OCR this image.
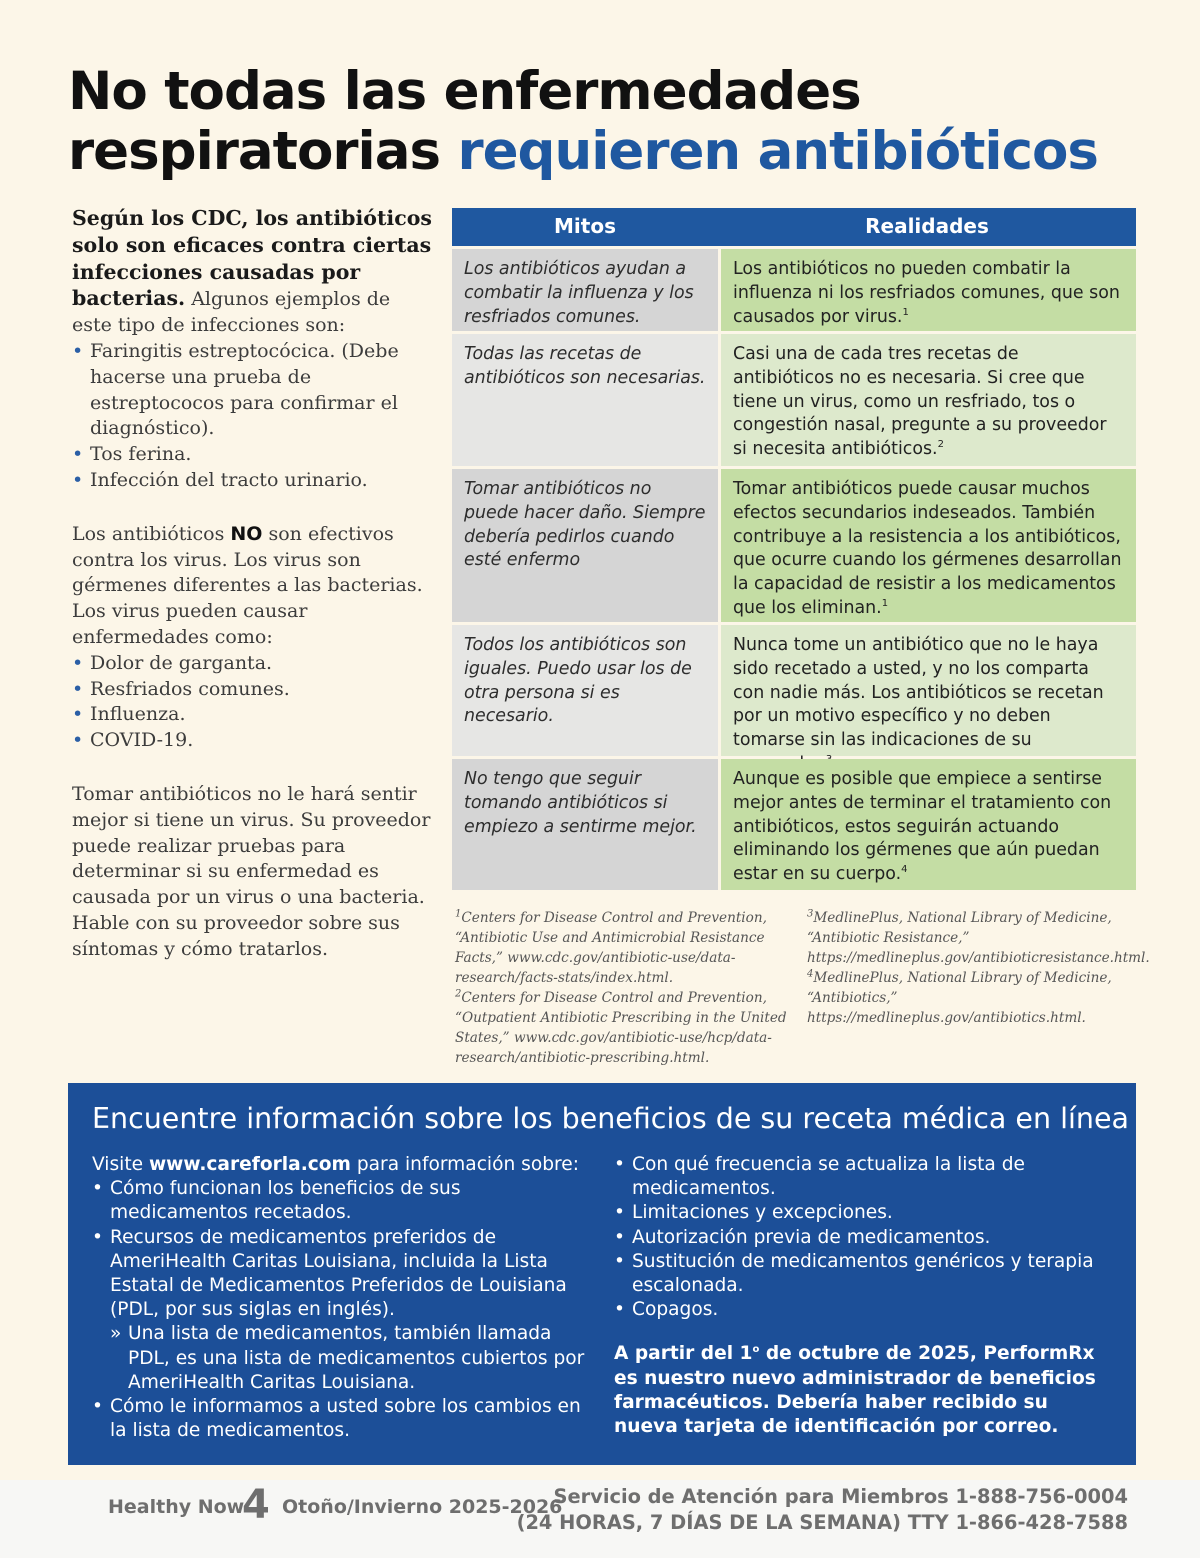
No todas las enfermedades
respiratorias requieren antibióticos

Según los CDC, los antibióticos solo son eficaces contra ciertas infecciones causadas por bacterias. Algunos ejemplos de este tipo de infecciones son:

• Faringitis estreptocócica. (Debe hacerse una prueba de estreptococos para confirmar el diagnóstico).
• Tos ferina.
• Infección del tracto urinario.

Los antibióticos NO son efectivos contra los virus. Los virus son gérmenes diferentes a las bacterias. Los virus pueden causar enfermedades como:

• Dolor de garganta.
• Resfriados comunes.
• Influenza.
• COVID-19.

Tomar antibióticos no le hará sentir mejor si tiene un virus. Su proveedor puede realizar pruebas para determinar si su enfermedad es causada por un virus o una bacteria. Hable con su proveedor sobre sus síntomas y cómo tratarlos.

Mitos	Realidades
Los antibióticos ayudan a combatir la influenza y los resfriados comunes.
Los antibióticos no pueden combatir la influenza ni los resfriados comunes, que son causados por virus.$^1$
Todas las recetas de antibióticos son necesarias.
Casi una de cada tres recetas de antibióticos no es necesaria. Si cree que tiene un virus, como un resfriado, tos o congestión nasal, pregunte a su proveedor si necesita antibióticos.$^2$
Tomar antibióticos no puede hacer daño. Siempre debería pedirlos cuando esté enfermo
Tomar antibióticos puede causar muchos efectos secundarios indeseados. También contribuye a la resistencia a los antibióticos, que ocurre cuando los gérmenes desarrollan la capacidad de resistir a los medicamentos que los eliminan.$^1$
Todos los antibióticos son iguales. Puedo usar los de otra persona si es necesario.
Nunca tome un antibiótico que no le haya sido recetado a usted, y no los comparta con nadie más. Los antibióticos se recetan por un motivo específico y no deben tomarse sin las indicaciones de su
No tengo que seguir tomando antibióticos si empiezo a sentirme mejor.
Aunque es posible que empiece a sentirse mejor antes de terminar el tratamiento con antibióticos, estos seguirán actuando eliminando los gérmenes que aún puedan estar en su cuerpo.$^4$

$^1$Centers for Disease Control and Prevention, “Antibiotic Use and Antimicrobial Resistance Facts,” www.cdc.gov/antibiotic-use/data-research/facts-stats/index.html.

$^2$Centers for Disease Control and Prevention, “Outpatient Antibiotic Prescribing in the United States,” www.cdc.gov/antibiotic-use/hcp/data-research/antibiotic-prescribing.html.

$^3$MedlinePlus, National Library of Medicine, “Antibiotic Resistance,” https://medlineplus.gov/antibioticresistance.html.

$^4$MedlinePlus, National Library of Medicine, “Antibiotics,” https://medlineplus.gov/antibiotics.html.

Encuentre información sobre los beneficios de su receta médica en línea
Visite www.careforla.com para información sobre:
• Cómo funcionan los beneficios de sus medicamentos recetados.
• Recursos de medicamentos preferidos de AmeriHealth Caritas Louisiana, incluida la Lista Estatal de Medicamentos Preferidos de Louisiana (PDL, por sus siglas en inglés).
» Una lista de medicamentos, también llamada PDL, es una lista de medicamentos cubiertos por AmeriHealth Caritas Louisiana.
• Cómo le informamos a usted sobre los cambios en la lista de medicamentos.
• Con qué frecuencia se actualiza la lista de medicamentos.
• Limitaciones y excepciones.
• Autorización previa de medicamentos.
• Sustitución de medicamentos genéricos y terapia escalonada.
• Copagos.
A partir del 1$^o$ de octubre de 2025, PerformRx es nuestro nuevo administrador de beneficios farmacéuticos. Debería haber recibido su nueva tarjeta de identificación por correo.
Healthy Now
4 Otoño/Invierno 2025-2026
Servicio de Atención para Miembros 1-888-756-0004
(24 HORAS, 7 DÍAS DE LA SEMANA) TTY 1-866-428-7588
